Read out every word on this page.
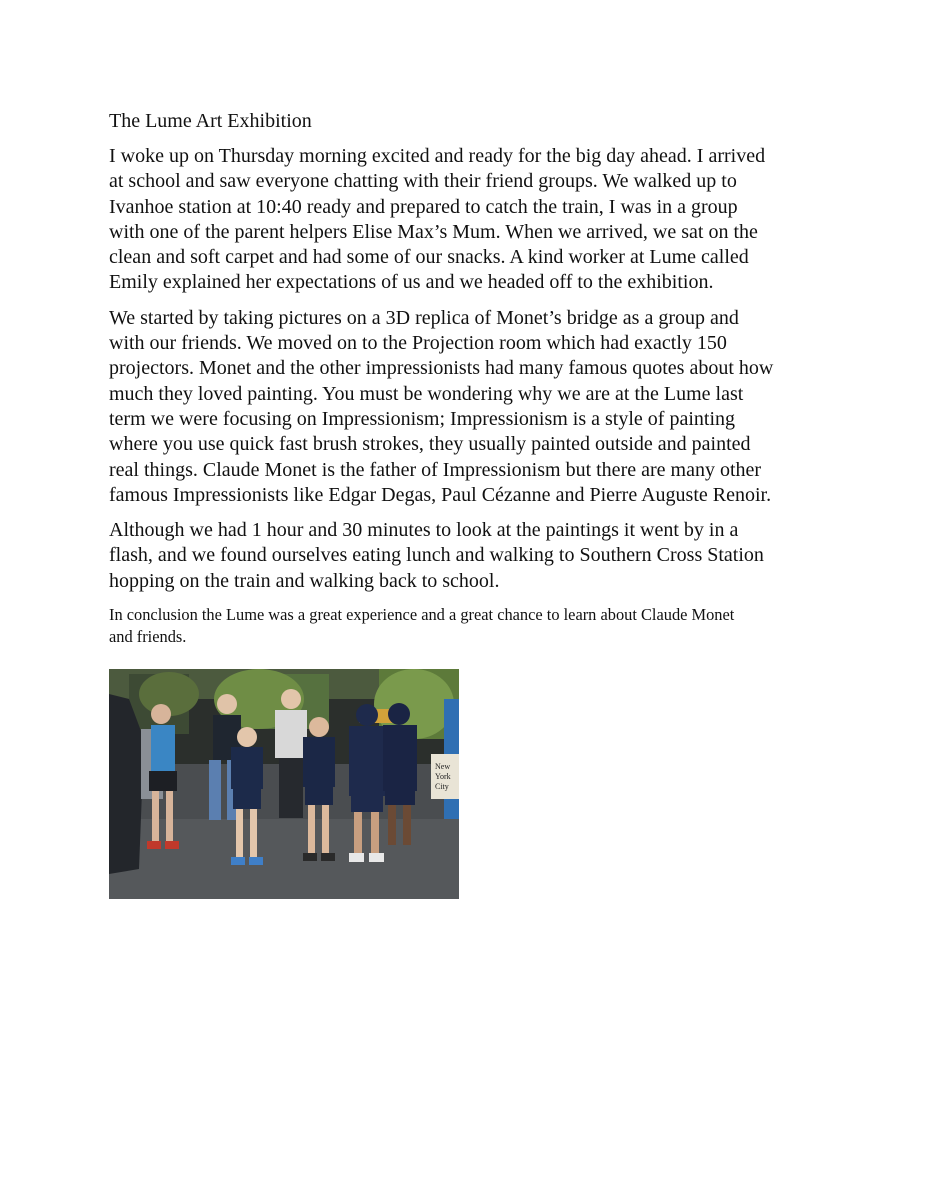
The Lume Art Exhibition

I woke up on Thursday morning excited and ready for the big day ahead. I arrived
at school and saw everyone chatting with their friend groups. We walked up to
Ivanhoe station at 10:40 ready and prepared to catch the train, I was in a group
with one of the parent helpers Elise Max’s Mum. When we arrived, we sat on the
clean and soft carpet and had some of our snacks. A kind worker at Lume called
Emily explained her expectations of us and we headed off to the exhibition.

We started by taking pictures on a 3D replica of Monet’s bridge as a group and
with our friends. We moved on to the Projection room which had exactly 150
projectors. Monet and the other impressionists had many famous quotes about how
much they loved painting. You must be wondering why we are at the Lume last
term we were focusing on Impressionism; Impressionism is a style of painting
where you use quick fast brush strokes, they usually painted outside and painted
real things. Claude Monet is the father of Impressionism but there are many other
famous Impressionists like Edgar Degas, Paul Cézanne and Pierre Auguste Renoir.

Although we had 1 hour and 30 minutes to look at the paintings it went by in a
flash, and we found ourselves eating lunch and walking to Southern Cross Station
hopping on the train and walking back to school.

In conclusion the Lume was a great experience and a great chance to learn about Claude Monet
and friends.

New
York
City
